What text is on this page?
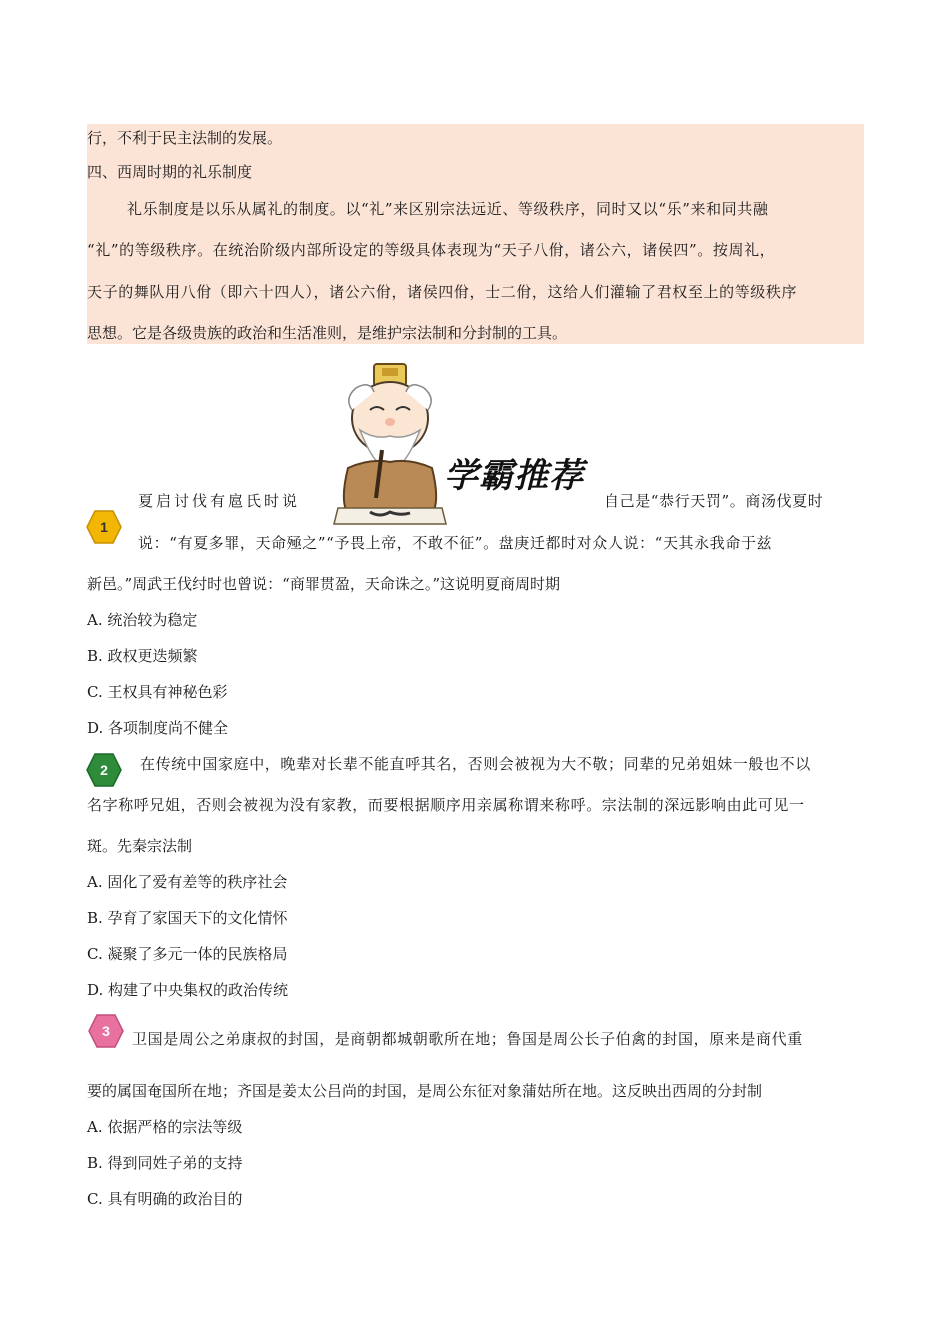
行，不利于民主法制的发展。
四、西周时期的礼乐制度
礼乐制度是以乐从属礼的制度。以“礼”来区别宗法远近、等级秩序，同时又以“乐”来和同共融
“礼”的等级秩序。在统治阶级内部所设定的等级具体表现为“天子八佾，诸公六，诸侯四”。按周礼，
天子的舞队用八佾（即六十四人），诸公六佾，诸侯四佾，士二佾，这给人们灌输了君权至上的等级秩序
思想。它是各级贵族的政治和生活准则，是维护宗法制和分封制的工具。
学霸推荐
1
夏启讨伐有扈氏时说	自己是“恭行天罚”。商汤伐夏时
说：“有夏多罪，天命殛之”“予畏上帝，不敢不征”。盘庚迁都时对众人说：“天其永我命于兹
新邑。”周武王伐纣时也曾说：“商罪贯盈，天命诛之。”这说明夏商周时期
A. 统治较为稳定
B. 政权更迭频繁
C. 王权具有神秘色彩
D. 各项制度尚不健全
2 在传统中国家庭中，晚辈对长辈不能直呼其名，否则会被视为大不敬；同辈的兄弟姐妹一般也不以
名字称呼兄姐，否则会被视为没有家教，而要根据顺序用亲属称谓来称呼。宗法制的深远影响由此可见一
斑。先秦宗法制
A. 固化了爱有差等的秩序社会
B. 孕育了家国天下的文化情怀
C. 凝聚了多元一体的民族格局
D. 构建了中央集权的政治传统
3 卫国是周公之弟康叔的封国，是商朝都城朝歌所在地；鲁国是周公长子伯禽的封国，原来是商代重
要的属国奄国所在地；齐国是姜太公吕尚的封国，是周公东征对象蒲姑所在地。这反映出西周的分封制
A. 依据严格的宗法等级
B. 得到同姓子弟的支持
C. 具有明确的政治目的
